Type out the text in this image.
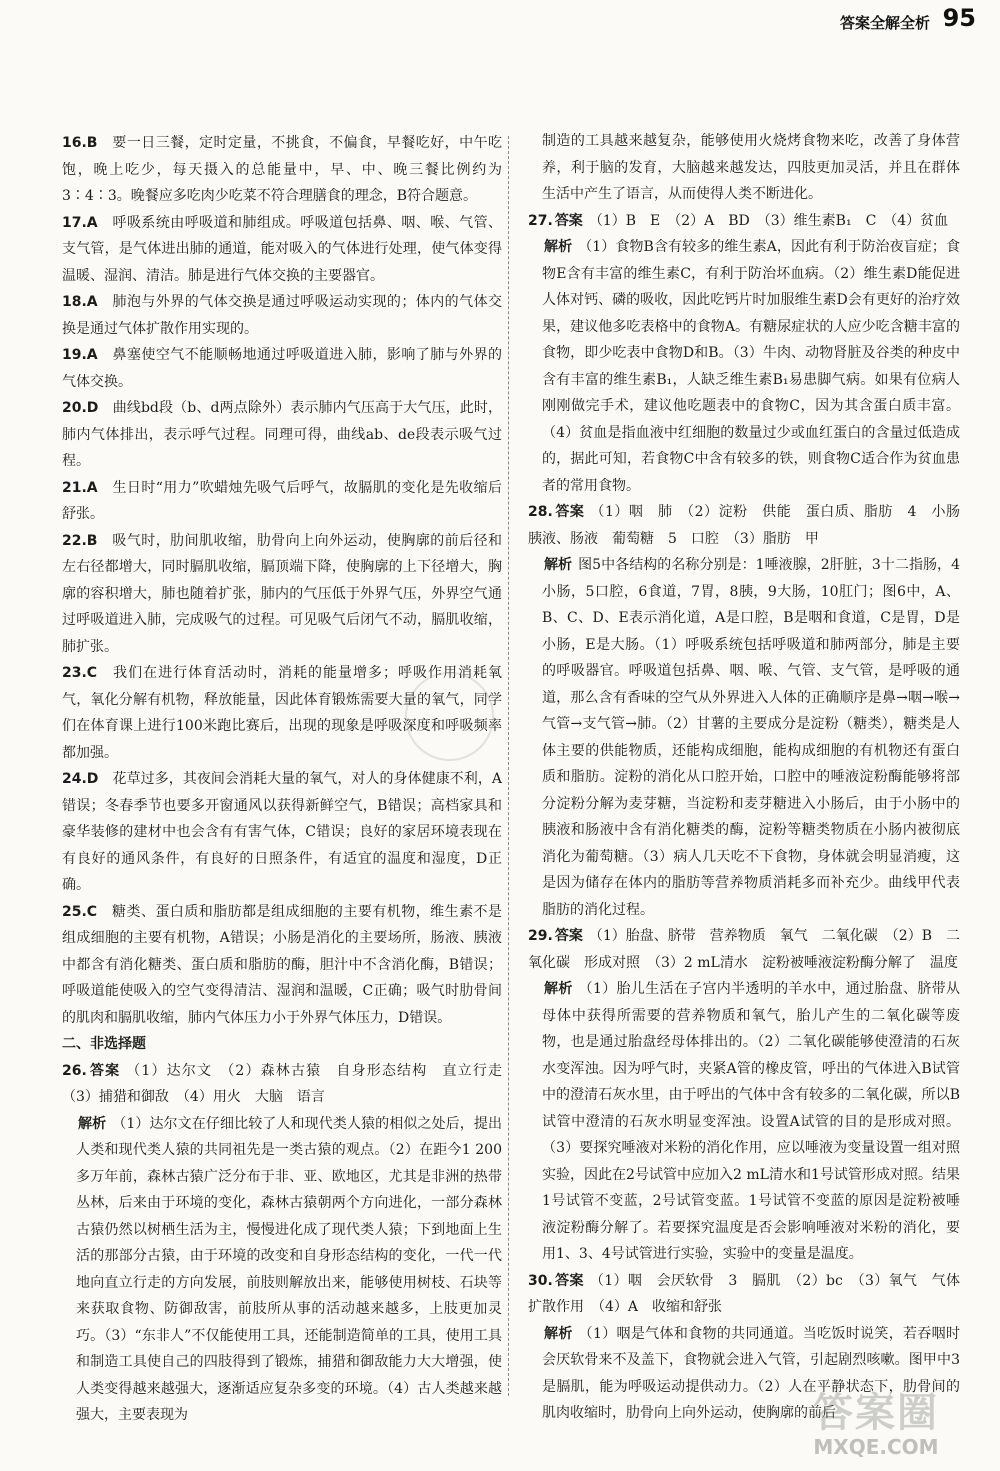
答案全解全析 95
16.B　 要一日三餐，定时定量，不挑食，不偏食，早餐吃好，中午吃饱，晚上吃少，每天摄入的总能量中，早、中、晚三餐比例约为3∶4∶3。晚餐应多吃肉少吃菜不符合理膳食的理念，B符合题意。
17.A　 呼吸系统由呼吸道和肺组成。呼吸道包括鼻、咽、喉、气管、支气管，是气体进出肺的通道，能对吸入的气体进行处理，使气体变得温暖、湿润、清洁。肺是进行气体交换的主要器官。
18.A　 肺泡与外界的气体交换是通过呼吸运动实现的；体内的气体交换是通过气体扩散作用实现的。
19.A　 鼻塞使空气不能顺畅地通过呼吸道进入肺，影响了肺与外界的气体交换。
20.D　 曲线bd段（b、d两点除外）表示肺内气压高于大气压，此时，肺内气体排出，表示呼气过程。同理可得，曲线ab、de段表示吸气过程。
21.A　 生日时“用力”吹蜡烛先吸气后呼气，故膈肌的变化是先收缩后舒张。
22.B　 吸气时，肋间肌收缩，肋骨向上向外运动，使胸廓的前后径和左右径都增大，同时膈肌收缩，膈顶端下降，使胸廓的上下径增大，胸廓的容积增大，肺也随着扩张，肺内的气压低于外界气压，外界空气通过呼吸道进入肺，完成吸气的过程。可见吸气后闭气不动，膈肌收缩，肺扩张。
23.C　 我们在进行体育活动时，消耗的能量增多；呼吸作用消耗氧气，氧化分解有机物，释放能量，因此体育锻炼需要大量的氧气，同学们在体育课上进行100米跑比赛后，出现的现象是呼吸深度和呼吸频率都加强。
24.D　 花草过多，其夜间会消耗大量的氧气，对人的身体健康不利，A错误；冬春季节也要多开窗通风以获得新鲜空气，B错误；高档家具和豪华装修的建材中也会含有有害气体，C错误；良好的家居环境表现在有良好的通风条件，有良好的日照条件，有适宜的温度和湿度，D正确。
25.C　 糖类、蛋白质和脂肪都是组成细胞的主要有机物，维生素不是组成细胞的主要有机物，A错误；小肠是消化的主要场所，肠液、胰液中都含有消化糖类、蛋白质和脂肪的酶，胆汁中不含消化酶，B错误；呼吸道能使吸入的空气变得清洁、湿润和温暖，C正确；吸气时肋骨间的肌肉和膈肌收缩，肺内气体压力小于外界气体压力，D错误。
二、非选择题
26. 答案 （1）达尔文　（2）森林古猿　自身形态结构　直立行走　（3）捕猎和御敌　（4）用火　大脑　语言
解析 （1）达尔文在仔细比较了人和现代类人猿的相似之处后，提出人类和现代类人猿的共同祖先是一类古猿的观点。（2）在距今1 200多万年前，森林古猿广泛分布于非、亚、欧地区，尤其是非洲的热带丛林，后来由于环境的变化，森林古猿朝两个方向进化，一部分森林古猿仍然以树栖生活为主，慢慢进化成了现代类人猿；下到地面上生活的那部分古猿，由于环境的改变和自身形态结构的变化，一代一代地向直立行走的方向发展，前肢则解放出来，能够使用树枝、石块等来获取食物、防御敌害，前肢所从事的活动越来越多，上肢更加灵巧。（3）“东非人”不仅能使用工具，还能制造简单的工具，使用工具和制造工具使自己的四肢得到了锻炼，捕猎和御敌能力大大增强，使人类变得越来越强大，逐渐适应复杂多变的环境。（4）古人类越来越强大，主要表现为
制造的工具越来越复杂，能够使用火烧烤食物来吃，改善了身体营养，利于脑的发育，大脑越来越发达，四肢更加灵活，并且在群体生活中产生了语言，从而使得人类不断进化。
27. 答案 （1）B　E　（2）A　BD　（3）维生素B₁　C　（4）贫血
解析 （1）食物B含有较多的维生素A，因此有利于防治夜盲症；食物E含有丰富的维生素C，有利于防治坏血病。（2）维生素D能促进人体对钙、磷的吸收，因此吃钙片时加服维生素D会有更好的治疗效果，建议他多吃表格中的食物A。有糖尿症状的人应少吃含糖丰富的食物，即少吃表中食物D和B。（3）牛肉、动物肾脏及谷类的种皮中含有丰富的维生素B₁，人缺乏维生素B₁易患脚气病。如果有位病人刚刚做完手术，建议他吃题表中的食物C，因为其含蛋白质丰富。（4）贫血是指血液中红细胞的数量过少或血红蛋白的含量过低造成的，据此可知，若食物C中含有较多的铁，则食物C适合作为贫血患者的常用食物。
28. 答案 （1）咽　肺　（2）淀粉　供能　蛋白质、脂肪　4　小肠　胰液、肠液　葡萄糖　5　口腔　（3）脂肪　甲
解析 图5中各结构的名称分别是：1唾液腺，2肝脏，3十二指肠，4小肠，5口腔，6食道，7胃，8胰，9大肠，10肛门；图6中，A、B、C、D、E表示消化道，A是口腔，B是咽和食道，C是胃，D是小肠，E是大肠。（1）呼吸系统包括呼吸道和肺两部分，肺是主要的呼吸器官。呼吸道包括鼻、咽、喉、气管、支气管，是呼吸的通道，那么含有香味的空气从外界进入人体的正确顺序是鼻→咽→喉→气管→支气管→肺。（2）甘薯的主要成分是淀粉（糖类），糖类是人体主要的供能物质，还能构成细胞，能构成细胞的有机物还有蛋白质和脂肪。淀粉的消化从口腔开始，口腔中的唾液淀粉酶能够将部分淀粉分解为麦芽糖，当淀粉和麦芽糖进入小肠后，由于小肠中的胰液和肠液中含有消化糖类的酶，淀粉等糖类物质在小肠内被彻底消化为葡萄糖。（3）病人几天吃不下食物，身体就会明显消瘦，这是因为储存在体内的脂肪等营养物质消耗多而补充少。曲线甲代表脂肪的消化过程。
29. 答案 （1）胎盘、脐带　营养物质　氧气　二氧化碳　（2）B　二氧化碳　形成对照　（3）2 mL清水　淀粉被唾液淀粉酶分解了　温度
解析 （1）胎儿生活在子宫内半透明的羊水中，通过胎盘、脐带从母体中获得所需要的营养物质和氧气，胎儿产生的二氧化碳等废物，也是通过胎盘经母体排出的。（2）二氧化碳能够使澄清的石灰水变浑浊。因为呼气时，夹紧A管的橡皮管，呼出的气体进入B试管中的澄清石灰水里，由于呼出的气体中含有较多的二氧化碳，所以B试管中澄清的石灰水明显变浑浊。设置A试管的目的是形成对照。（3）要探究唾液对米粉的消化作用，应以唾液为变量设置一组对照实验，因此在2号试管中应加入2 mL清水和1号试管形成对照。结果1号试管不变蓝，2号试管变蓝。1号试管不变蓝的原因是淀粉被唾液淀粉酶分解了。若要探究温度是否会影响唾液对米粉的消化，要用1、3、4号试管进行实验，实验中的变量是温度。
30. 答案 （1）咽　会厌软骨　3　膈肌　（2）bc　（3）氧气　气体扩散作用　（4）A　收缩和舒张
解析 （1）咽是气体和食物的共同通道。当吃饭时说笑，若吞咽时会厌软骨来不及盖下，食物就会进入气管，引起剧烈咳嗽。图甲中3是膈肌，能为呼吸运动提供动力。（2）人在平静状态下，肋骨间的肌肉收缩时，肋骨向上向外运动，使胸廓的前后
答案圈
MXQE.COM
